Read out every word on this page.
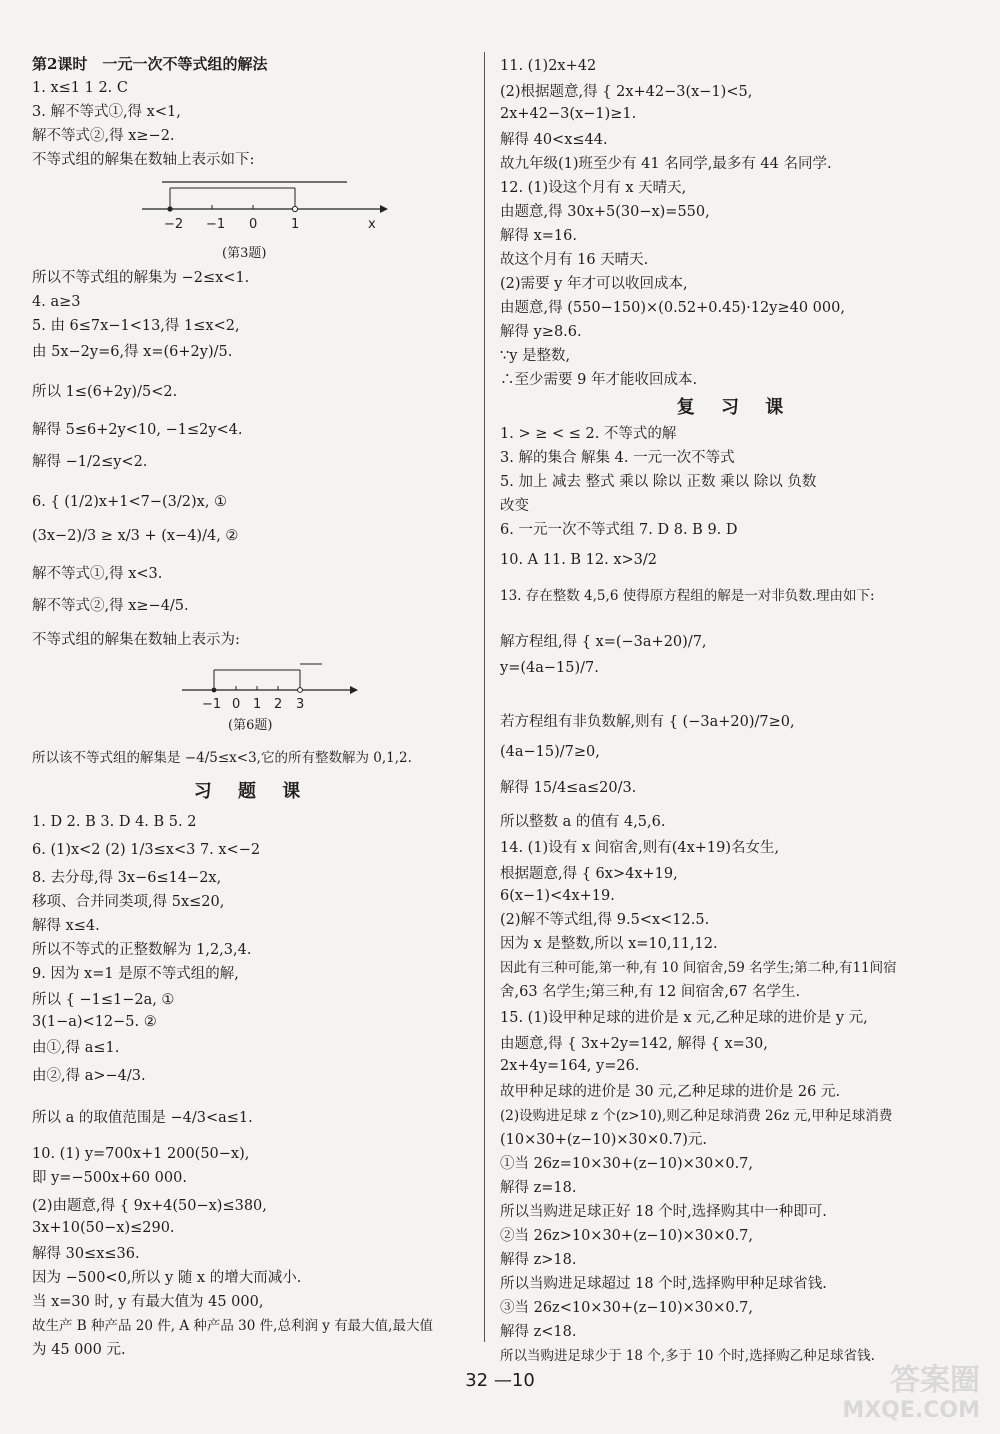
第2课时　一元一次不等式组的解法
1. x≤1 1 2. C
3. 解不等式①,得 x<1,
解不等式②,得 x≥−2.
不等式组的解集在数轴上表示如下:
−2 −1 0	1	x
(第3题)
所以不等式组的解集为 −2≤x<1.
4. a≥3
5. 由 6≤7x−1<13,得 1≤x<2,
由 5x−2y=6,得 x=(6+2y)/5.
所以 1≤(6+2y)/5<2.
解得 5≤6+2y<10, −1≤2y<4.
解得 −1/2≤y<2.
6. { (1/2)x+1<7−(3/2)x, ①
(3x−2)/3 ≥ x/3 + (x−4)/4, ②
解不等式①,得 x<3.
解不等式②,得 x≥−4/5.
不等式组的解集在数轴上表示为:
−1 0 1 2 3
(第6题)
所以该不等式组的解集是 −4/5≤x<3,它的所有整数解为 0,1,2.
习 题 课
1. D 2. B 3. D 4. B 5. 2
6. (1)x<2 (2) 1/3≤x<3 7. x<−2
8. 去分母,得 3x−6≤14−2x,
移项、合并同类项,得 5x≤20,
解得 x≤4.
所以不等式的正整数解为 1,2,3,4.
9. 因为 x=1 是原不等式组的解,
所以 { −1≤1−2a, ①
3(1−a)<12−5. ②
由①,得 a≤1.
由②,得 a>−4/3.
所以 a 的取值范围是 −4/3<a≤1.
10. (1) y=700x+1 200(50−x),
即 y=−500x+60 000.
(2)由题意,得 { 9x+4(50−x)≤380,
3x+10(50−x)≤290.
解得 30≤x≤36.
因为 −500<0,所以 y 随 x 的增大而减小.
当 x=30 时, y 有最大值为 45 000,
故生产 B 种产品 20 件, A 种产品 30 件,总利润 y 有最大值,最大值
为 45 000 元.
11. (1)2x+42
(2)根据题意,得 { 2x+42−3(x−1)<5,
2x+42−3(x−1)≥1.
解得 40<x≤44.
故九年级(1)班至少有 41 名同学,最多有 44 名同学.
12. (1)设这个月有 x 天晴天,
由题意,得 30x+5(30−x)=550,
解得 x=16.
故这个月有 16 天晴天.
(2)需要 y 年才可以收回成本,
由题意,得 (550−150)×(0.52+0.45)·12y≥40 000,
解得 y≥8.6.
∵y 是整数,
∴至少需要 9 年才能收回成本.
复 习 课
1. > ≥ < ≤ 2. 不等式的解
3. 解的集合 解集 4. 一元一次不等式
5. 加上 减去 整式 乘以 除以 正数 乘以 除以 负数
改变
6. 一元一次不等式组 7. D 8. B 9. D
10. A 11. B 12. x>3/2
13. 存在整数 4,5,6 使得原方程组的解是一对非负数.理由如下:
解方程组,得 { x=(−3a+20)/7,
y=(4a−15)/7.
若方程组有非负数解,则有 { (−3a+20)/7≥0,
(4a−15)/7≥0,
解得 15/4≤a≤20/3.
所以整数 a 的值有 4,5,6.
14. (1)设有 x 间宿舍,则有(4x+19)名女生,
根据题意,得 { 6x>4x+19,
6(x−1)<4x+19.
(2)解不等式组,得 9.5<x<12.5.
因为 x 是整数,所以 x=10,11,12.
因此有三种可能,第一种,有 10 间宿舍,59 名学生;第二种,有11间宿
舍,63 名学生;第三种,有 12 间宿舍,67 名学生.
15. (1)设甲种足球的进价是 x 元,乙种足球的进价是 y 元,
由题意,得 { 3x+2y=142, 解得 { x=30,
2x+4y=164, y=26.
故甲种足球的进价是 30 元,乙种足球的进价是 26 元.
(2)设购进足球 z 个(z>10),则乙种足球消费 26z 元,甲种足球消费
(10×30+(z−10)×30×0.7)元.
①当 26z=10×30+(z−10)×30×0.7,
解得 z=18.
所以当购进足球正好 18 个时,选择购其中一种即可.
②当 26z>10×30+(z−10)×30×0.7,
解得 z>18.
所以当购进足球超过 18 个时,选择购甲种足球省钱.
③当 26z<10×30+(z−10)×30×0.7,
解得 z<18.
所以当购进足球少于 18 个,多于 10 个时,选择购乙种足球省钱.
32 —10	答案圈
MXQE.COM
